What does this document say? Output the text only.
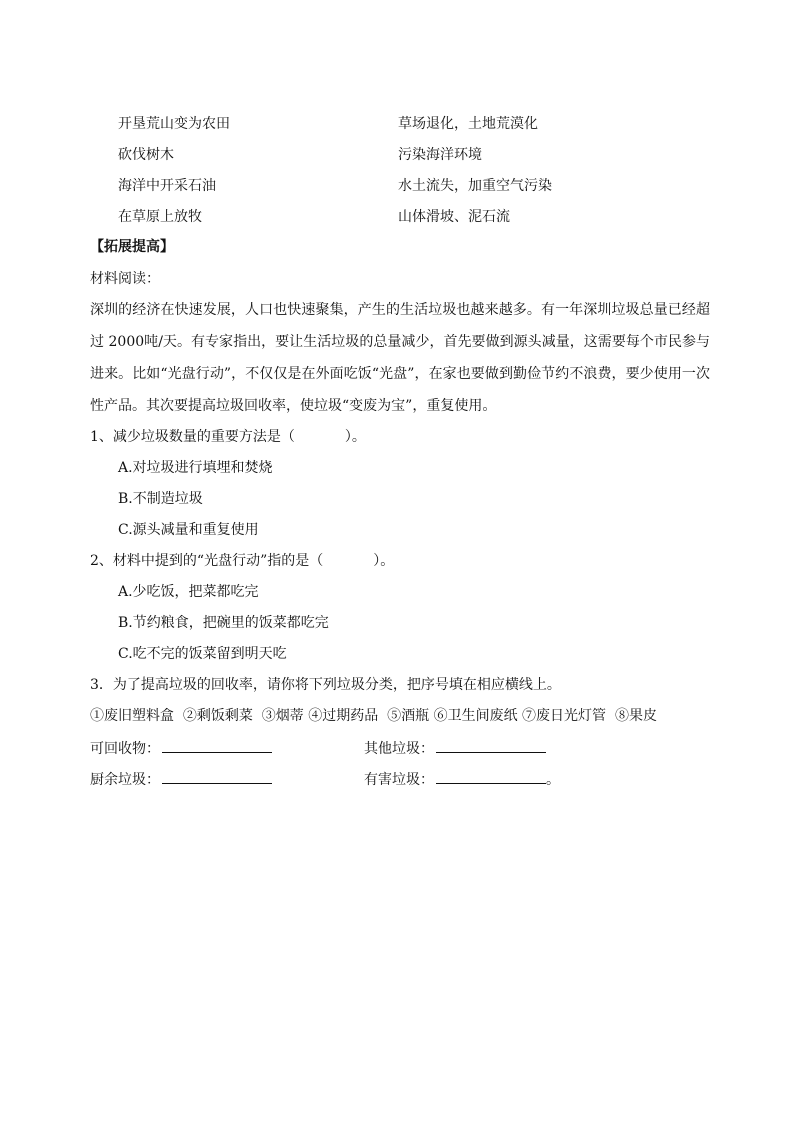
开垦荒山变为农田	草场退化，土地荒漠化
砍伐树木	污染海洋环境
海洋中开采石油	水土流失，加重空气污染
在草原上放牧	山体滑坡、泥石流
【拓展提高】
材料阅读：
深圳的经济在快速发展，人口也快速聚集，产生的生活垃圾也越来越多。有一年深圳垃圾总量已经超过 2000吨/天。有专家指出，要让生活垃圾的总量减少，首先要做到源头减量，这需要每个市民参与进来。比如“光盘行动”，不仅仅是在外面吃饭“光盘”，在家也要做到勤俭节约不浪费，要少使用一次性产品。其次要提高垃圾回收率，使垃圾“变废为宝”，重复使用。
1、减少垃圾数量的重要方法是（	）。
A.对垃圾进行填埋和焚烧
B.不制造垃圾
C.源头减量和重复使用
2、材料中提到的“光盘行动”指的是（	）。
A.少吃饭，把菜都吃完
B.节约粮食，把碗里的饭菜都吃完
C.吃不完的饭菜留到明天吃
3．为了提高垃圾的回收率，请你将下列垃圾分类，把序号填在相应横线上。
①废旧塑料盒  ②剩饭剩菜  ③烟蒂 ④过期药品  ⑤酒瓶 ⑥卫生间废纸 ⑦废日光灯管  ⑧果皮
可回收物：	其他垃圾：
厨余垃圾：	有害垃圾：	。
